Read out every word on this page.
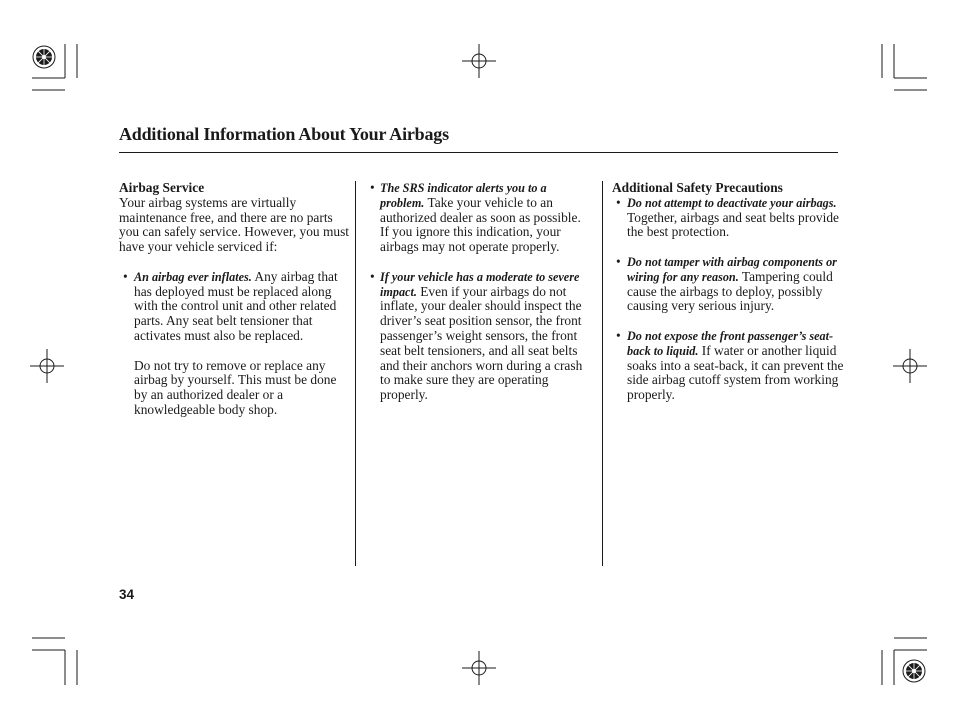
Additional Information About Your Airbags
Airbag Service

Your airbag systems are virtually maintenance free, and there are no parts you can safely service. However, you must have your vehicle serviced if:

• An airbag ever inflates. Any airbag that has deployed must be replaced along with the control unit and other related parts. Any seat belt tensioner that activates must also be replaced.

Do not try to remove or replace any airbag by yourself. This must be done by an authorized dealer or a knowledgeable body shop.

• The SRS indicator alerts you to a problem. Take your vehicle to an authorized dealer as soon as possible. If you ignore this indication, your airbags may not operate properly.
• If your vehicle has a moderate to severe impact. Even if your airbags do not inflate, your dealer should inspect the driver’s seat position sensor, the front passenger’s weight sensors, the front seat belt tensioners, and all seat belts and their anchors worn during a crash to make sure they are operating properly.
Additional Safety Precautions
• Do not attempt to deactivate your airbags. Together, airbags and seat belts provide the best protection.
• Do not tamper with airbag components or wiring for any reason. Tampering could cause the airbags to deploy, possibly causing very serious injury.
• Do not expose the front passenger’s seat-back to liquid. If water or another liquid soaks into a seat-back, it can prevent the side airbag cutoff system from working properly.
34
